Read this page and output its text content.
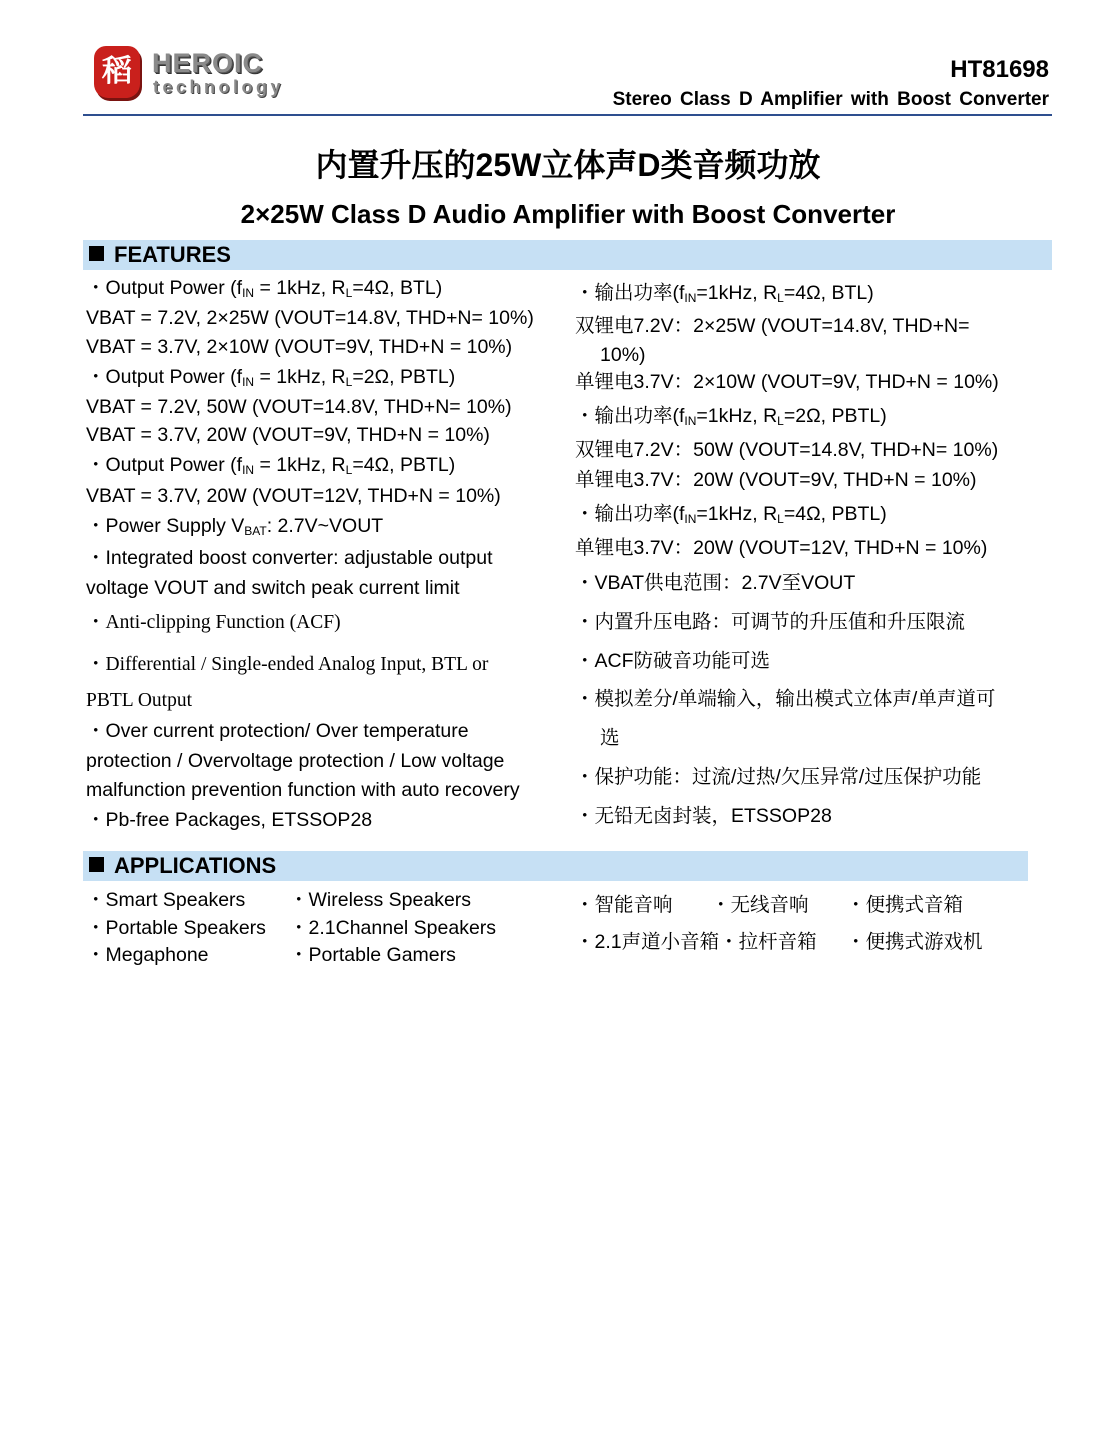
稻 HEROIC
technology
HT81698
Stereo Class D Amplifier with Boost Converter
内置升压的25W立体声D类音频功放
2×25W Class D Audio Amplifier with Boost Converter
FEATURES
・Output Power ($f_{IN} = 1kHz$, $R_L=4\Omega$, BTL)
VBAT = 7.2V, 2×25W (VOUT=14.8V, THD+N= 10%)
VBAT = 3.7V, 2×10W (VOUT=9V, THD+N = 10%)
・Output Power ($f_{IN} = 1kHz$, $R_L=2\Omega$, PBTL)
VBAT = 7.2V, 50W (VOUT=14.8V, THD+N= 10%)
VBAT = 3.7V, 20W (VOUT=9V, THD+N = 10%)
・Output Power ($f_{IN} = 1kHz$, $R_L=4\Omega$, PBTL)
VBAT = 3.7V, 20W (VOUT=12V, THD+N = 10%)
・Power Supply $V_{BAT}$: 2.7V~VOUT
・Integrated boost converter: adjustable output
voltage VOUT and switch peak current limit
・Anti-clipping Function (ACF)
・Differential / Single-ended Analog Input, BTL or
PBTL Output
・Over current protection/ Over temperature
protection / Overvoltage protection / Low voltage
malfunction prevention function with auto recovery
・Pb-free Packages, ETSSOP28
・输出功率($f_{IN}=1kHz$, $R_L=4\Omega$, BTL)
双锂电7.2V：2×25W (VOUT=14.8V, THD+N=
10%)
单锂电3.7V：2×10W (VOUT=9V, THD+N = 10%)
・输出功率($f_{IN}=1kHz$, $R_L=2\Omega$, PBTL)
双锂电7.2V：50W (VOUT=14.8V, THD+N= 10%)
单锂电3.7V：20W (VOUT=9V, THD+N = 10%)
・输出功率($f_{IN}=1kHz$, $R_L=4\Omega$, PBTL)
单锂电3.7V：20W (VOUT=12V, THD+N = 10%)
・VBAT供电范围：2.7V至VOUT
・内置升压电路：可调节的升压值和升压限流
・ACF防破音功能可选
・模拟差分/单端输入，输出模式立体声/单声道可
选
・保护功能：过流/过热/欠压异常/过压保护功能
・无铅无卤封装，ETSSOP28
APPLICATIONS
・Smart Speakers
・Portable Speakers
・Megaphone
・Wireless Speakers
・2.1Channel Speakers
・Portable Gamers
・智能音响 ・无线音响 ・便携式音箱
・2.1声道小音箱・拉杆音箱 ・便携式游戏机
